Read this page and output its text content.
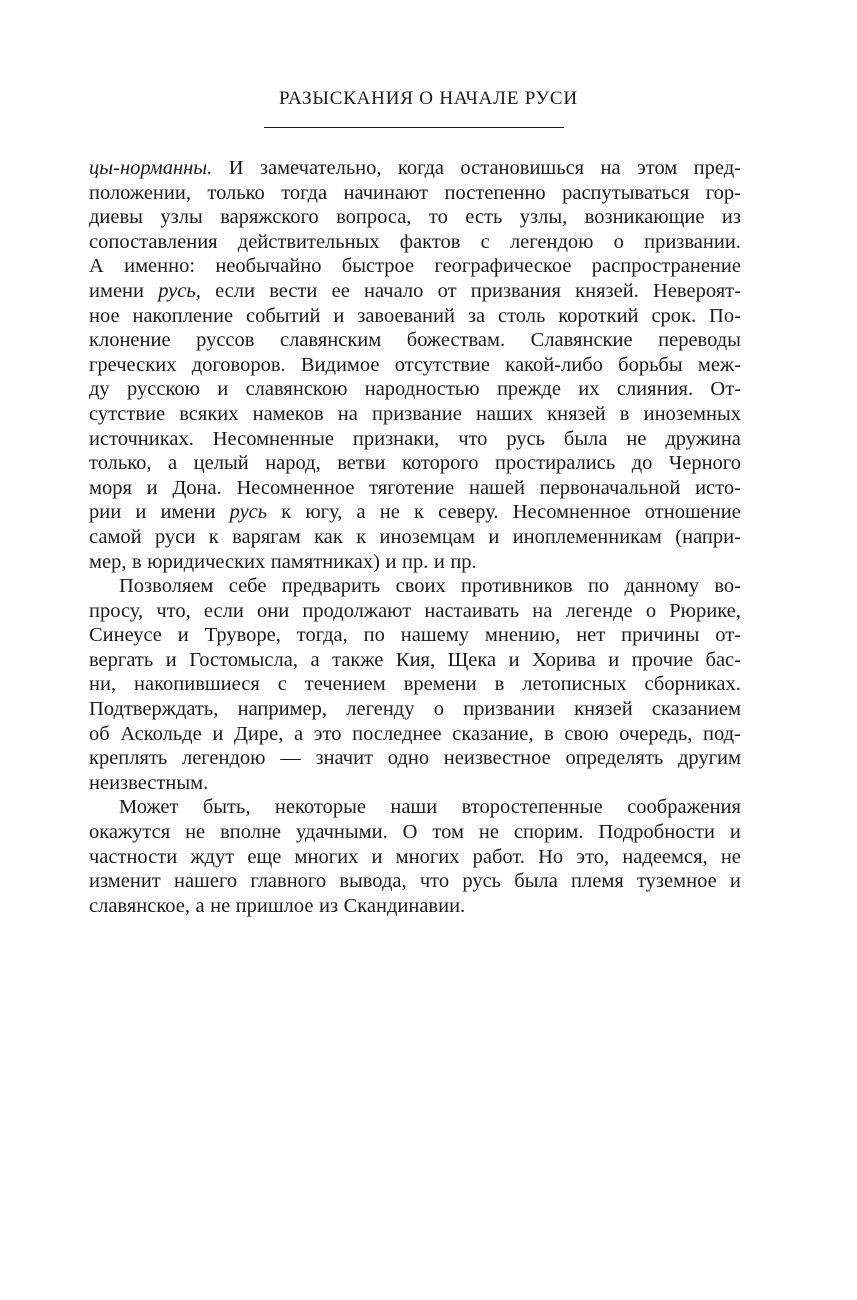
РАЗЫСКАНИЯ О НАЧАЛЕ РУСИ
цы-норманны. И замечательно, когда остановишься на этом пред-
положении, только тогда начинают постепенно распутываться гор-
диевы узлы варяжского вопроса, то есть узлы, возникающие из
сопоставления действительных фактов с легендою о призвании.
А именно: необычайно быстрое географическое распространение
имени русь, если вести ее начало от призвания князей. Невероят-
ное накопление событий и завоеваний за столь короткий срок. По-
клонение руссов славянским божествам. Славянские переводы
греческих договоров. Видимое отсутствие какой-либо борьбы меж-
ду русскою и славянскою народностью прежде их слияния. От-
сутствие всяких намеков на призвание наших князей в иноземных
источниках. Несомненные признаки, что русь была не дружина
только, а целый народ, ветви которого простирались до Черного
моря и Дона. Несомненное тяготение нашей первоначальной исто-
рии и имени русь к югу, а не к северу. Несомненное отношение
самой руси к варягам как к иноземцам и иноплеменникам (напри-
мер, в юридических памятниках) и пр. и пр.
Позволяем себе предварить своих противников по данному во-
просу, что, если они продолжают настаивать на легенде о Рюрике,
Синеусе и Труворе, тогда, по нашему мнению, нет причины от-
вергать и Гостомысла, а также Кия, Щека и Хорива и прочие бас-
ни, накопившиеся с течением времени в летописных сборниках.
Подтверждать, например, легенду о призвании князей сказанием
об Аскольде и Дире, а это последнее сказание, в свою очередь, под-
креплять легендою — значит одно неизвестное определять другим
неизвестным.
Может быть, некоторые наши второстепенные соображения
окажутся не вполне удачными. О том не спорим. Подробности и
частности ждут еще многих и многих работ. Но это, надеемся, не
изменит нашего главного вывода, что русь была племя туземное и
славянское, а не пришлое из Скандинавии.
